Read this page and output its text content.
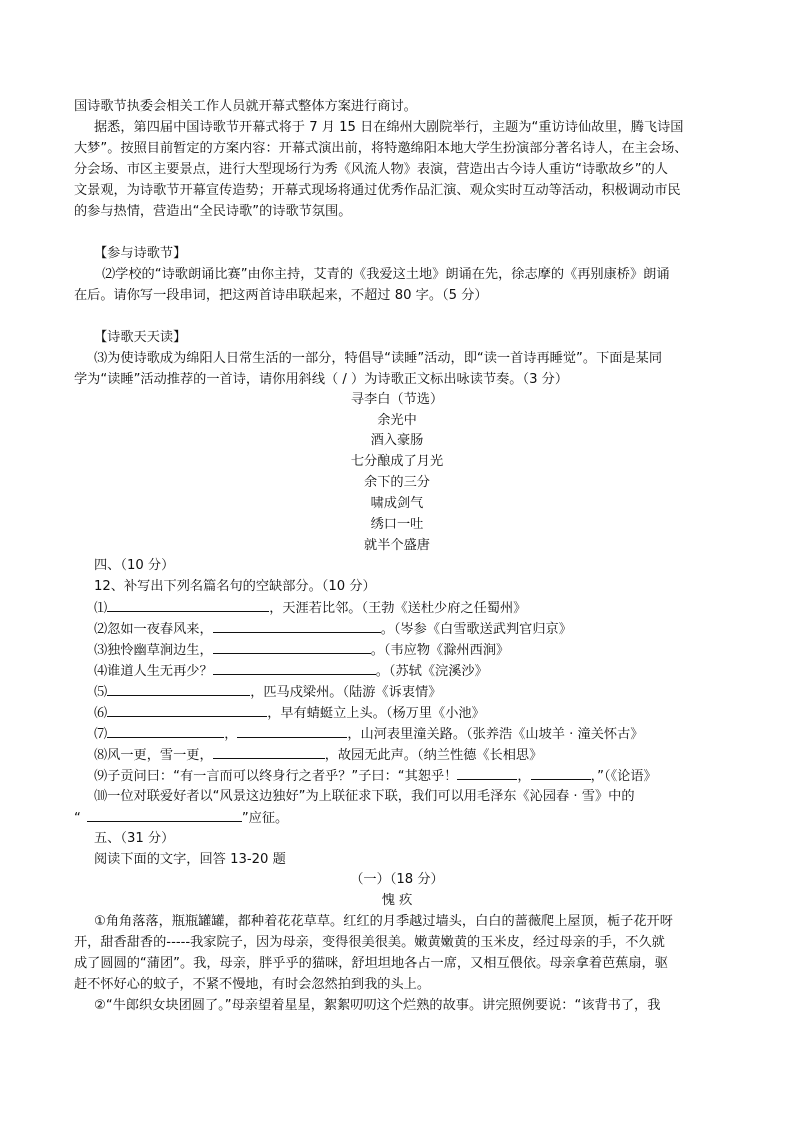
国诗歌节执委会相关工作人员就开幕式整体方案进行商讨。
据悉，第四届中国诗歌节开幕式将于 7 月 15 日在绵州大剧院举行，主题为“重访诗仙故里，腾飞诗国
大梦”。按照目前暂定的方案内容：开幕式演出前，将特邀绵阳本地大学生扮演部分著名诗人，在主会场、
分会场、市区主要景点，进行大型现场行为秀《风流人物》表演，营造出古今诗人重访“诗歌故乡”的人
文景观，为诗歌节开幕宣传造势；开幕式现场将通过优秀作品汇演、观众实时互动等活动，积极调动市民
的参与热情，营造出“全民诗歌”的诗歌节氛围。
【参与诗歌节】
⑵学校的“诗歌朗诵比赛”由你主持，艾青的《我爱这土地》朗诵在先，徐志摩的《再别康桥》朗诵
在后。请你写一段串词，把这两首诗串联起来，不超过 80 字。（5 分）
【诗歌天天读】
⑶为使诗歌成为绵阳人日常生活的一部分，特倡导“读睡”活动，即“读一首诗再睡觉”。下面是某同
学为“读睡”活动推荐的一首诗，请你用斜线（ / ）为诗歌正文标出咏读节奏。（3 分）
寻李白（节选）
余光中
酒入豪肠
七分酿成了月光
余下的三分
啸成剑气
绣口一吐
就半个盛唐
四、（10 分）
12、补写出下列名篇名句的空缺部分。（10 分）
⑴	，天涯若比邻。（王勃《送杜少府之任蜀州》
⑵忽如一夜春风来，	。（岑参《白雪歌送武判官归京》
⑶独怜幽草涧边生，	。（韦应物《滁州西涧》
⑷谁道人生无再少？	。（苏轼《浣溪沙》
⑸	，匹马戍梁州。（陆游《诉衷情》
⑹	，早有蜻蜓立上头。（杨万里《小池》
⑺	，	，山河表里潼关路。（张养浩《山坡羊 · 潼关怀古》
⑻风一更，雪一更，	，故园无此声。（纳兰性德《长相思》
⑼子贡问曰：“有一言而可以终身行之者乎？”子曰：“其恕乎！	，	，”（《论语》
⑽一位对联爱好者以“风景这边独好”为上联征求下联，我们可以用毛泽东《沁园春 · 雪》中的
“	”应征。
五、（31 分）
阅读下面的文字，回答 13-20 题
（一）（18 分）
愧 疚
①角角落落，瓶瓶罐罐，都种着花花草草。红红的月季越过墙头，白白的蔷薇爬上屋顶，栀子花开呀
开，甜香甜香的-----我家院子，因为母亲，变得很美很美。嫩黄嫩黄的玉米皮，经过母亲的手，不久就
成了圆圆的“蒲团”。我，母亲，胖乎乎的猫咪，舒坦坦地各占一席，又相互偎依。母亲拿着芭蕉扇，驱
赶不怀好心的蚊子，不紧不慢地，有时会忽然拍到我的头上。
②“牛郎织女块团圆了。”母亲望着星星，絮絮叨叨这个烂熟的故事。讲完照例要说：“该背书了，我
